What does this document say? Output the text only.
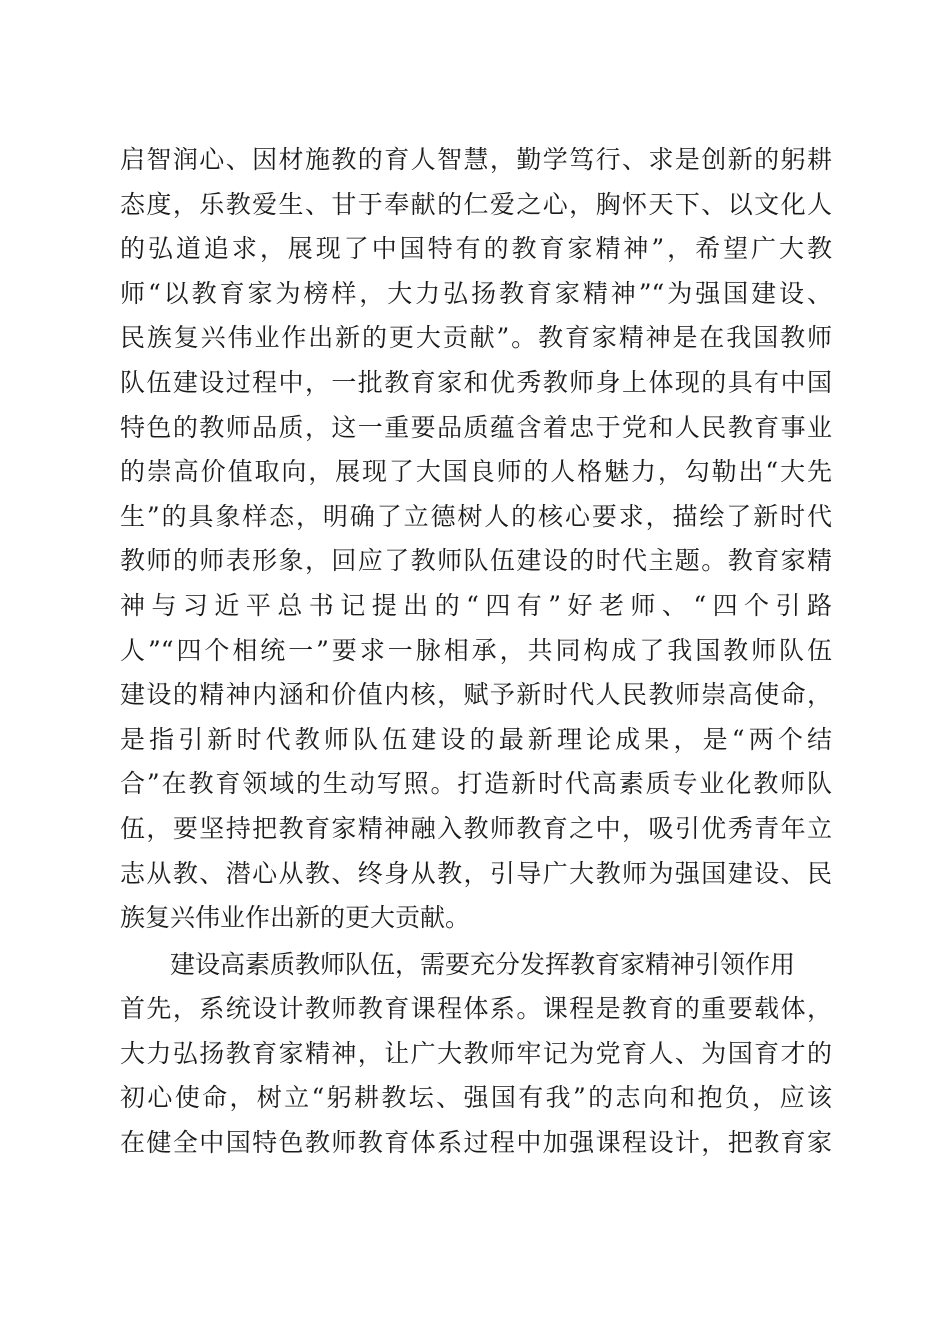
启智润心、因材施教的育人智慧，勤学笃行、求是创新的躬耕
态度，乐教爱生、甘于奉献的仁爱之心，胸怀天下、以文化人
的弘道追求，展现了中国特有的教育家精神”，希望广大教
师“以教育家为榜样，大力弘扬教育家精神”“为强国建设、
民族复兴伟业作出新的更大贡献”。教育家精神是在我国教师
队伍建设过程中，一批教育家和优秀教师身上体现的具有中国
特色的教师品质，这一重要品质蕴含着忠于党和人民教育事业
的崇高价值取向，展现了大国良师的人格魅力，勾勒出“大先
生”的具象样态，明确了立德树人的核心要求，描绘了新时代
教师的师表形象，回应了教师队伍建设的时代主题。教育家精
神与习近平总书记提出的“四有”好老师、“四个引路
人”“四个相统一”要求一脉相承，共同构成了我国教师队伍
建设的精神内涵和价值内核，赋予新时代人民教师崇高使命，
是指引新时代教师队伍建设的最新理论成果，是“两个结
合”在教育领域的生动写照。打造新时代高素质专业化教师队
伍，要坚持把教育家精神融入教师教育之中，吸引优秀青年立
志从教、潜心从教、终身从教，引导广大教师为强国建设、民
族复兴伟业作出新的更大贡献。
建设高素质教师队伍，需要充分发挥教育家精神引领作用
首先，系统设计教师教育课程体系。课程是教育的重要载体，
大力弘扬教育家精神，让广大教师牢记为党育人、为国育才的
初心使命，树立“躬耕教坛、强国有我”的志向和抱负，应该
在健全中国特色教师教育体系过程中加强课程设计，把教育家
